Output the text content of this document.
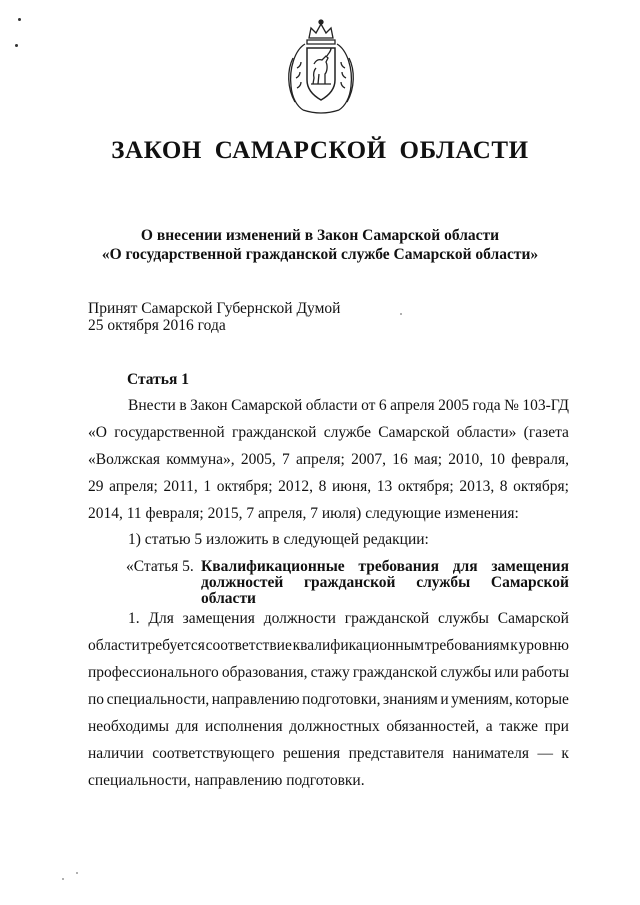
ЗАКОН САМАРСКОЙ ОБЛАСТИ
О внесении изменений в Закон Самарской области
«О государственной гражданской службе Самарской области»
Принят Самарской Губернской Думой
25 октября 2016 года
Статья 1
Внести в Закон Самарской области от 6 апреля 2005 года № 103-ГД
«О государственной гражданской службе Самарской области» (газета
«Волжская коммуна», 2005, 7 апреля; 2007, 16 мая; 2010, 10 февраля,
29 апреля; 2011, 1 октября; 2012, 8 июня, 13 октября; 2013, 8 октября;
2014, 11 февраля; 2015, 7 апреля, 7 июля) следующие изменения:
1) статью 5 изложить в следующей редакции:
«Статья 5. Квалификационные требования для замещения
должностей гражданской службы Самарской
области
1. Для замещения должности гражданской службы Самарской
области требуется соответствие квалификационным требованиям к уровню
профессионального образования, стажу гражданской службы или работы
по специальности, направлению подготовки, знаниям и умениям, которые
необходимы для исполнения должностных обязанностей, а также при
наличии соответствующего решения представителя нанимателя — к
специальности, направлению подготовки.
